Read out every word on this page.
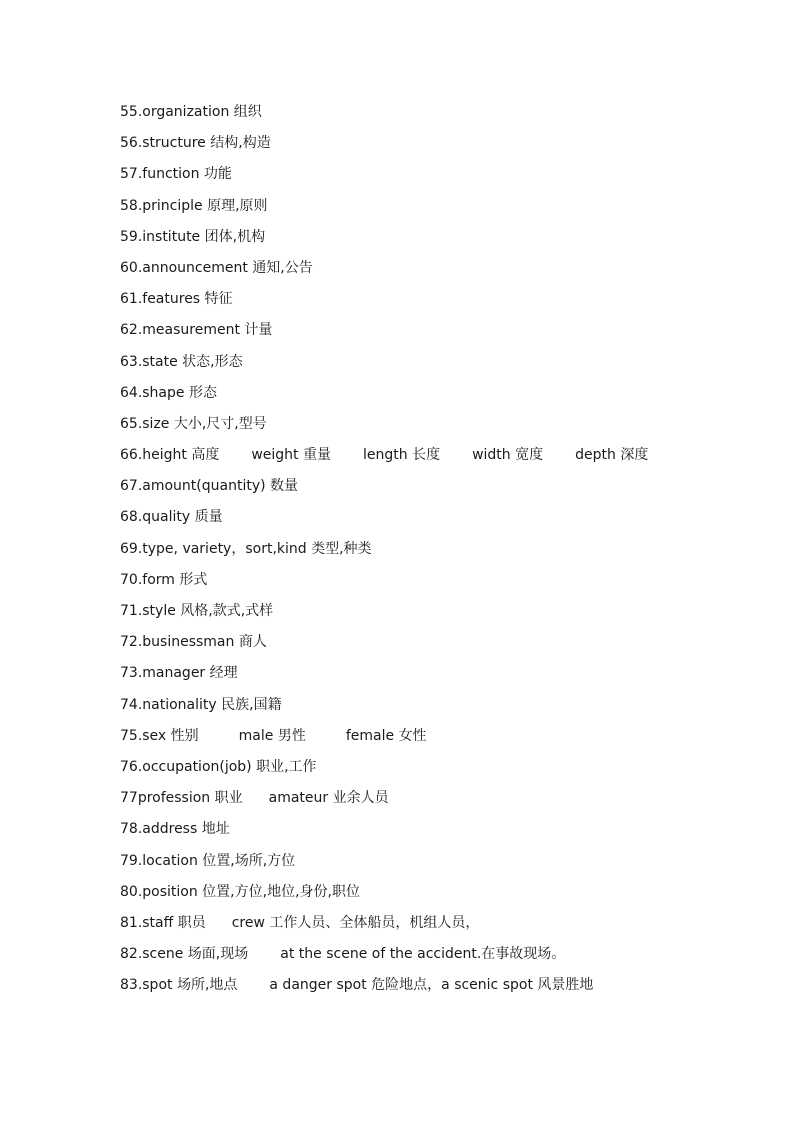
55.organization 组织
56.structure 结构,构造
57.function 功能
58.principle 原理,原则
59.institute 团体,机构
60.announcement 通知,公告
61.features 特征
62.measurement 计量
63.state 状态,形态
64.shape 形态
65.size 大小,尺寸,型号
66.height 高度 weight 重量 length 长度 width 宽度 depth 深度
67.amount(quantity) 数量
68.quality 质量
69.type, variety，sort,kind 类型,种类
70.form 形式
71.style 风格,款式,式样
72.businessman 商人
73.manager 经理
74.nationality 民族,国籍
75.sex 性别	male 男性	female 女性
76.occupation(job) 职业,工作
77profession 职业 amateur 业余人员
78.address 地址
79.location 位置,场所,方位
80.position 位置,方位,地位,身份,职位
81.staff 职员 crew 工作人员、全体船员，机组人员，
82.scene 场面,现场 at the scene of the accident.在事故现场。
83.spot 场所,地点 a danger spot 危险地点，a scenic spot 风景胜地
